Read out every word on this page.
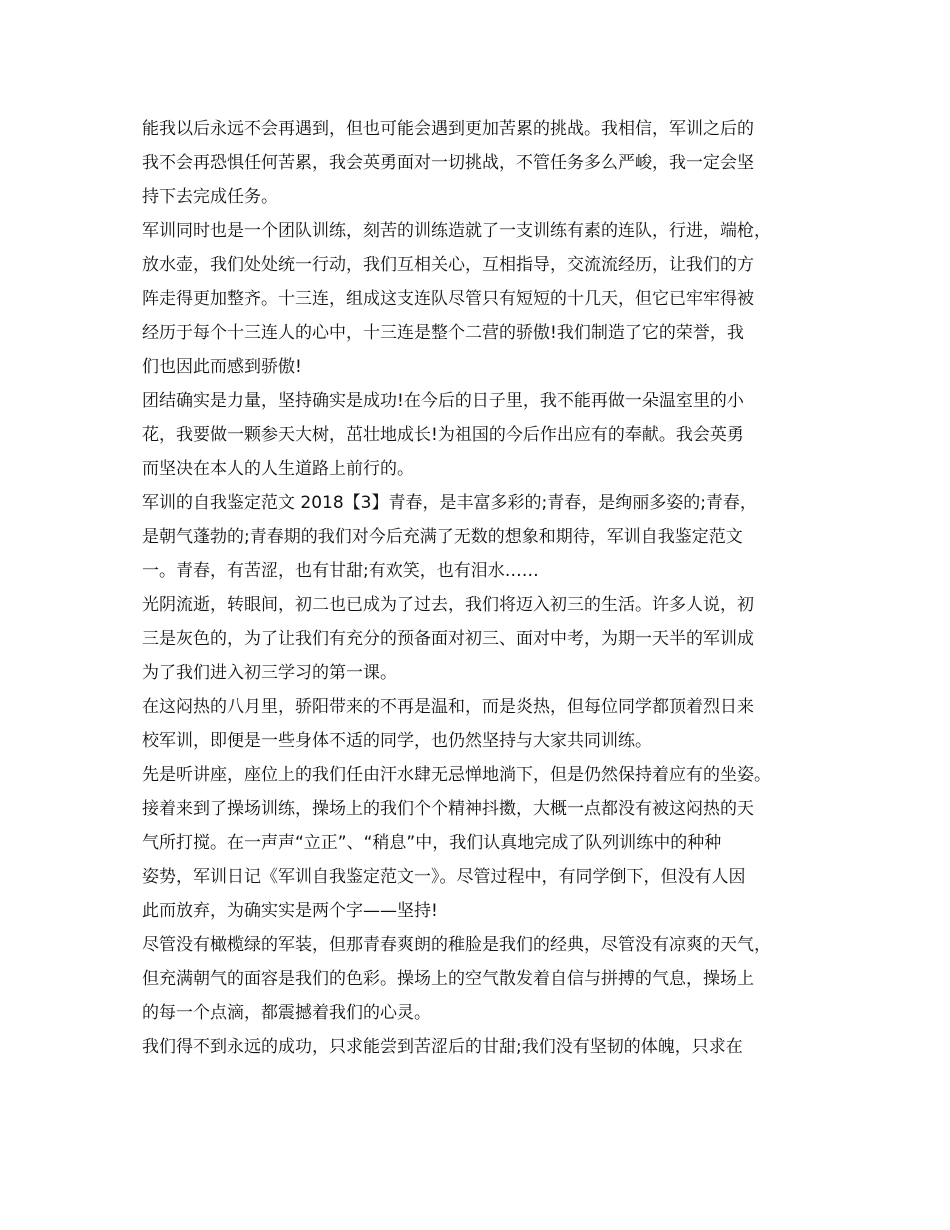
能我以后永远不会再遇到，但也可能会遇到更加苦累的挑战。我相信，军训之后的
我不会再恐惧任何苦累，我会英勇面对一切挑战，不管任务多么严峻，我一定会坚
持下去完成任务。
军训同时也是一个团队训练，刻苦的训练造就了一支训练有素的连队，行进，端枪，
放水壶，我们处处统一行动，我们互相关心，互相指导，交流流经历，让我们的方
阵走得更加整齐。十三连，组成这支连队尽管只有短短的十几天，但它已牢牢得被
经历于每个十三连人的心中，十三连是整个二营的骄傲!我们制造了它的荣誉，我
们也因此而感到骄傲!
团结确实是力量，坚持确实是成功!在今后的日子里，我不能再做一朵温室里的小
花，我要做一颗参天大树，茁壮地成长!为祖国的今后作出应有的奉献。我会英勇
而坚决在本人的人生道路上前行的。
军训的自我鉴定范文 2018【3】青春，是丰富多彩的;青春，是绚丽多姿的;青春，
是朝气蓬勃的;青春期的我们对今后充满了无数的想象和期待，军训自我鉴定范文
一。青春，有苦涩，也有甘甜;有欢笑，也有泪水……
光阴流逝，转眼间，初二也已成为了过去，我们将迈入初三的生活。许多人说，初
三是灰色的，为了让我们有充分的预备面对初三、面对中考，为期一天半的军训成
为了我们进入初三学习的第一课。
在这闷热的八月里，骄阳带来的不再是温和，而是炎热，但每位同学都顶着烈日来
校军训，即便是一些身体不适的同学，也仍然坚持与大家共同训练。
先是听讲座，座位上的我们任由汗水肆无忌惮地淌下，但是仍然保持着应有的坐姿。
接着来到了操场训练，操场上的我们个个精神抖擞，大概一点都没有被这闷热的天
气所打搅。在一声声“立正”、“稍息”中，我们认真地完成了队列训练中的种种
姿势，军训日记《军训自我鉴定范文一》。尽管过程中，有同学倒下，但没有人因
此而放弃，为确实实是两个字——坚持!
尽管没有橄榄绿的军装，但那青春爽朗的稚脸是我们的经典，尽管没有凉爽的天气，
但充满朝气的面容是我们的色彩。操场上的空气散发着自信与拼搏的气息，操场上
的每一个点滴，都震撼着我们的心灵。
我们得不到永远的成功，只求能尝到苦涩后的甘甜;我们没有坚韧的体魄，只求在
